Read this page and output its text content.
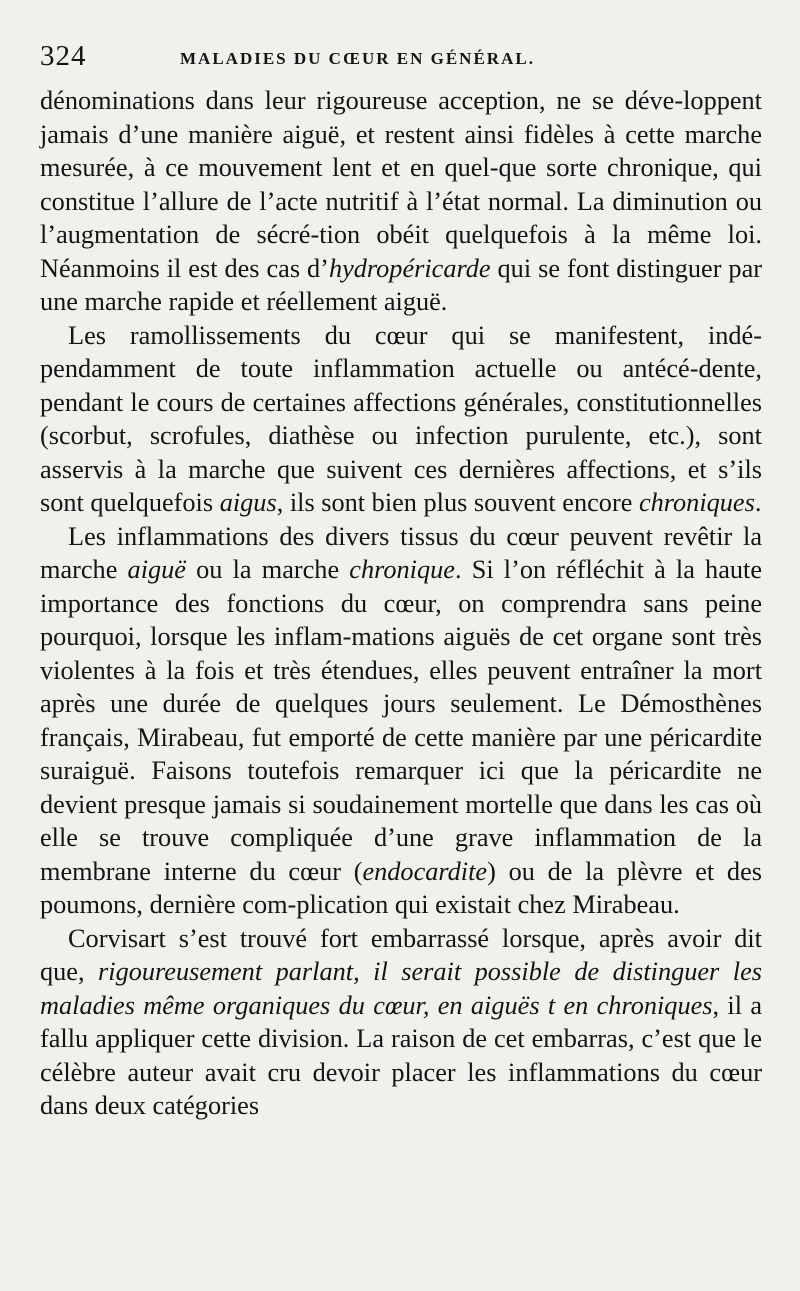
324	MALADIES DU CŒUR EN GÉNÉRAL.

dénominations dans leur rigoureuse acception, ne se déve-loppent jamais d’une manière aiguë, et restent ainsi fidèles à cette marche mesurée, à ce mouvement lent et en quel-que sorte chronique, qui constitue l’allure de l’acte nutritif à l’état normal. La diminution ou l’augmentation de sécré-tion obéit quelquefois à la même loi. Néanmoins il est des cas d’hydropéricarde qui se font distinguer par une marche rapide et réellement aiguë.

Les ramollissements du cœur qui se manifestent, indé-pendamment de toute inflammation actuelle ou antécé-dente, pendant le cours de certaines affections générales, constitutionnelles (scorbut, scrofules, diathèse ou infection purulente, etc.), sont asservis à la marche que suivent ces dernières affections, et s’ils sont quelquefois aigus, ils sont bien plus souvent encore chroniques.

Les inflammations des divers tissus du cœur peuvent revêtir la marche aiguë ou la marche chronique. Si l’on réfléchit à la haute importance des fonctions du cœur, on comprendra sans peine pourquoi, lorsque les inflam-mations aiguës de cet organe sont très violentes à la fois et très étendues, elles peuvent entraîner la mort après une durée de quelques jours seulement. Le Démosthènes français, Mirabeau, fut emporté de cette manière par une péricardite suraiguë. Faisons toutefois remarquer ici que la péricardite ne devient presque jamais si soudainement mortelle que dans les cas où elle se trouve compliquée d’une grave inflammation de la membrane interne du cœur (endocardite) ou de la plèvre et des poumons, dernière com-plication qui existait chez Mirabeau.

Corvisart s’est trouvé fort embarrassé lorsque, après avoir dit que, rigoureusement parlant, il serait possible de distinguer les maladies même organiques du cœur, en aiguës t en chroniques, il a fallu appliquer cette division. La raison de cet embarras, c’est que le célèbre auteur avait cru devoir placer les inflammations du cœur dans deux catégories
